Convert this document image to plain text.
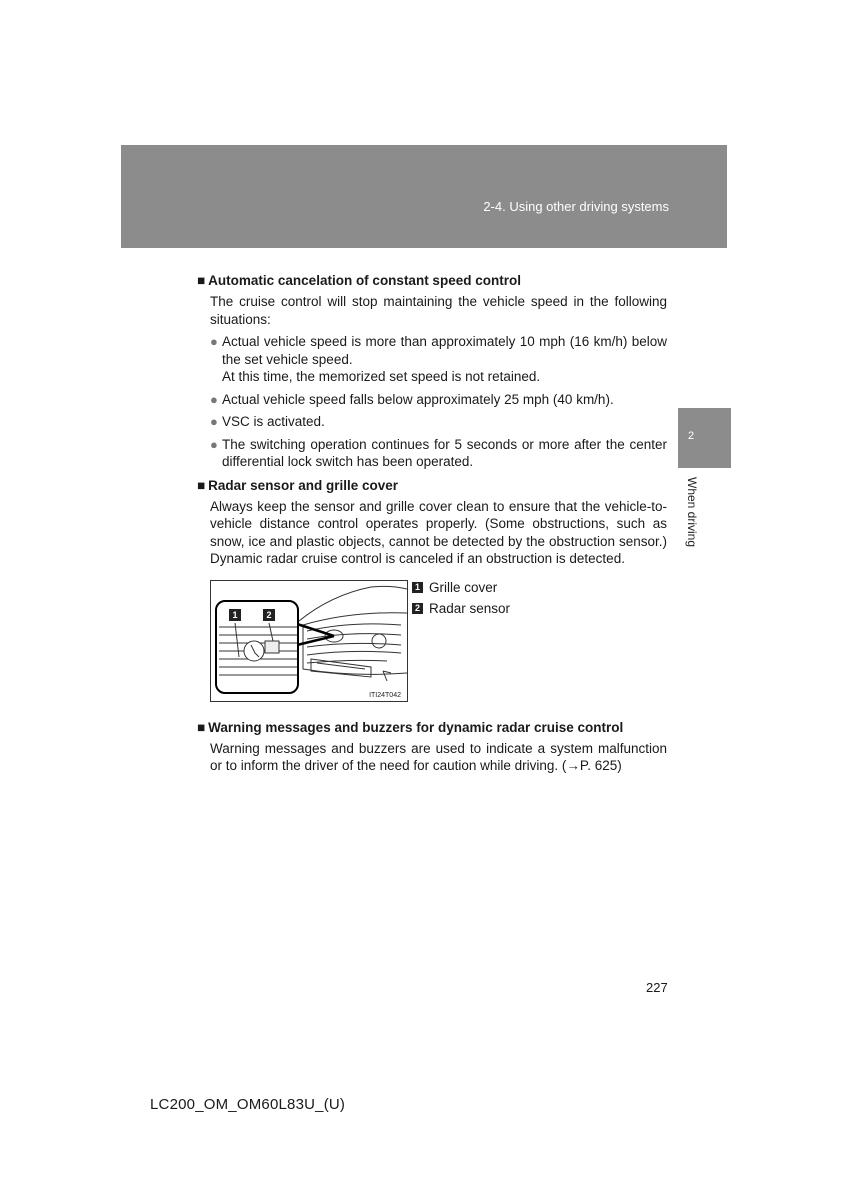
2-4. Using other driving systems
2
When driving

■ Automatic cancelation of constant speed control

The cruise control will stop maintaining the vehicle speed in the following situations:

● Actual vehicle speed is more than approximately 10 mph (16 km/h) below the set vehicle speed.
At this time, the memorized set speed is not retained.
● Actual vehicle speed falls below approximately 25 mph (40 km/h).
● VSC is activated.
● The switching operation continues for 5 seconds or more after the center differential lock switch has been operated.

■ Radar sensor and grille cover

Always keep the sensor and grille cover clean to ensure that the vehicle-to-vehicle distance control operates properly. (Some obstructions, such as snow, ice and plastic objects, cannot be detected by the obstruction sensor.) Dynamic radar cruise control is canceled if an obstruction is detected.

1	2
ITI24T042
1 Grille cover
2 Radar sensor

■ Warning messages and buzzers for dynamic radar cruise control

Warning messages and buzzers are used to indicate a system malfunction or to inform the driver of the need for caution while driving. (→P. 625)

227
LC200_OM_OM60L83U_(U)
